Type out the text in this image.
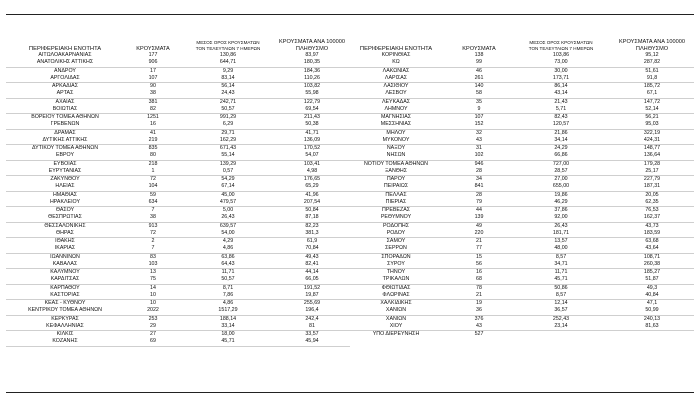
ΠΕΡΙΦΕΡΕΙΑΚΗ ΕΝΟΤΗΤΑ	ΚΡΟΥΣΜΑΤΑ	ΜΕΣΟΣ ΟΡΟΣ ΚΡΟΥΣΜΑΤΩΝ
ΤΟΝ ΤΕΛΕΥΤΑΙΩΝ 7 ΗΜΕΡΩΝ	ΚΡΟΥΣΜΑΤΑ ΑΝΑ 100000
ΠΛΗΘΥΣΜΟ

ΑΙΤΩΛΟΑΚΑΡΝΑΝΙΑΣ	177	130,86	83,97
ΑΝΑΤΟΛΙΚΗΣ ΑΤΤΙΚΗΣ	906	644,71	180,35
ΑΝΔΡΟΥ	17	9,29	184,36
ΑΡΓΟΛΙΔΑΣ	107	83,14	110,26
ΑΡΚΑΔΙΑΣ	90	56,14	103,82
ΑΡΤΑΣ	38	24,43	55,98
ΑΧΑΪΑΣ	381	242,71	122,79
ΒΟΙΩΤΙΑΣ	82	50,57	69,54
ΒΟΡΕΙΟΥ ΤΟΜΕΑ ΑΘΗΝΩΝ	1251	991,29	211,43
ΓΡΕΒΕΝΩΝ	16	6,29	50,38
ΔΡΑΜΑΣ	41	29,71	41,71
ΔΥΤΙΚΗΣ ΑΤΤΙΚΗΣ	219	162,29	136,09
ΔΥΤΙΚΟΥ ΤΟΜΕΑ ΑΘΗΝΩΝ	835	671,43	170,52
ΕΒΡΟΥ	80	55,14	54,07
ΕΥΒΟΙΑΣ	218	139,29	103,41
ΕΥΡΥΤΑΝΙΑΣ	1	0,57	4,98
ΖΑΚΥΝΘΟΥ	72	54,29	176,65
ΗΛΕΙΑΣ	104	67,14	65,29
ΗΜΑΘΙΑΣ	59	45,00	41,96
ΗΡΑΚΛΕΙΟΥ	634	479,57	207,54
ΘΑΣΟΥ	7	5,00	50,84
ΘΕΣΠΡΩΤΙΑΣ	38	26,43	87,18
ΘΕΣΣΑΛΟΝΙΚΗΣ	913	639,57	82,23
ΘΗΡΑΣ	72	54,00	381,3
ΙΘΑΚΗΣ	2	4,29	61,9
ΙΚΑΡΙΑΣ	7	4,86	70,84
ΙΩΑΝΝΙΝΩΝ	83	63,86	49,43
ΚΑΒΑΛΑΣ	103	64,43	82,41
ΚΑΛΥΜΝΟΥ	13	11,71	44,14
ΚΑΡΔΙΤΣΑΣ	75	50,57	66,05
ΚΑΡΠΑΘΟΥ	14	8,71	191,52
ΚΑΣΤΟΡΙΑΣ	10	7,86	19,87
ΚΕΑΣ - ΚΥΘΝΟΥ	10	4,86	255,69
ΚΕΝΤΡΙΚΟΥ ΤΟΜΕΑ ΑΘΗΝΩΝ	2022	1517,29	196,4
ΚΕΡΚΥΡΑΣ	253	188,14	242,4
ΚΕΦΑΛΛΗΝΙΑΣ	29	33,14	81
ΚΙΛΚΙΣ	27	18,00	33,57
ΚΟΖΑΝΗΣ	69	45,71	45,94
ΠΕΡΙΦΕΡΕΙΑΚΗ ΕΝΟΤΗΤΑ	ΚΡΟΥΣΜΑΤΑ	ΜΕΣΟΣ ΟΡΟΣ ΚΡΟΥΣΜΑΤΩΝ
ΤΟΝ ΤΕΛΕΥΤΑΙΩΝ 7 ΗΜΕΡΩΝ	ΚΡΟΥΣΜΑΤΑ ΑΝΑ 100000
ΠΛΗΘΥΣΜΟ

ΚΟΡΙΝΘΙΑΣ	138	103,86	95,12
ΚΩ	99	73,00	287,82
ΛΑΚΩΝΙΑΣ	46	30,00	51,61
ΛΑΡΙΣΑΣ	261	173,71	91,8
ΛΑΣΙΘΙΟΥ	140	86,14	185,72
ΛΕΣΒΟΥ	58	43,14	67,1
ΛΕΥΚΑΔΑΣ	35	21,43	147,72
ΛΗΜΝΟΥ	9	5,71	52,14
ΜΑΓΝΗΣΙΑΣ	107	82,43	56,21
ΜΕΣΣΗΝΙΑΣ	152	120,57	95,03
ΜΗΛΟΥ	32	21,86	322,19
ΜΥΚΟΝΟΥ	43	34,14	424,31
ΝΑΞΟΥ	31	24,29	148,77
ΝΗΣΩΝ	102	66,86	136,64
ΝΟΤΙΟΥ ΤΟΜΕΑ ΑΘΗΝΩΝ	946	727,00	179,28
ΞΑΝΘΗΣ	28	28,57	25,17
ΠΑΡΟΥ	34	27,00	227,79
ΠΕΙΡΑΙΩΣ	841	655,00	187,31
ΠΕΛΛΑΣ	28	19,86	20,05
ΠΙΕΡΙΑΣ	79	46,29	62,35
ΠΡΕΒΕΖΑΣ	44	37,86	76,53
ΡΕΘΥΜΝΟΥ	139	92,00	162,37
ΡΟΔΟΠΗΣ	49	26,43	43,73
ΡΟΔΟΥ	220	181,71	183,59
ΣΑΜΟΥ	21	13,57	63,68
ΣΕΡΡΩΝ	77	48,00	43,64
ΣΠΟΡΑΔΩΝ	15	8,57	108,71
ΣΥΡΟΥ	56	34,71	260,38
ΤΗΝΟΥ	16	11,71	185,27
ΤΡΙΚΑΛΩΝ	68	45,71	51,87
ΦΘΙΩΤΙΔΑΣ	78	50,86	49,3
ΦΛΩΡΙΝΑΣ	21	8,57	40,84
ΧΑΛΚΙΔΙΚΗΣ	19	12,14	47,1
ΧΑΝΙΩΝ	36	36,57	50,99
ΧΑΝΙΩΝ	376	252,43	240,13
ΧΙΟΥ	43	23,14	81,63
ΥΠΟ ΔΙΕΡΕΥΝΗΣΗ	527		
